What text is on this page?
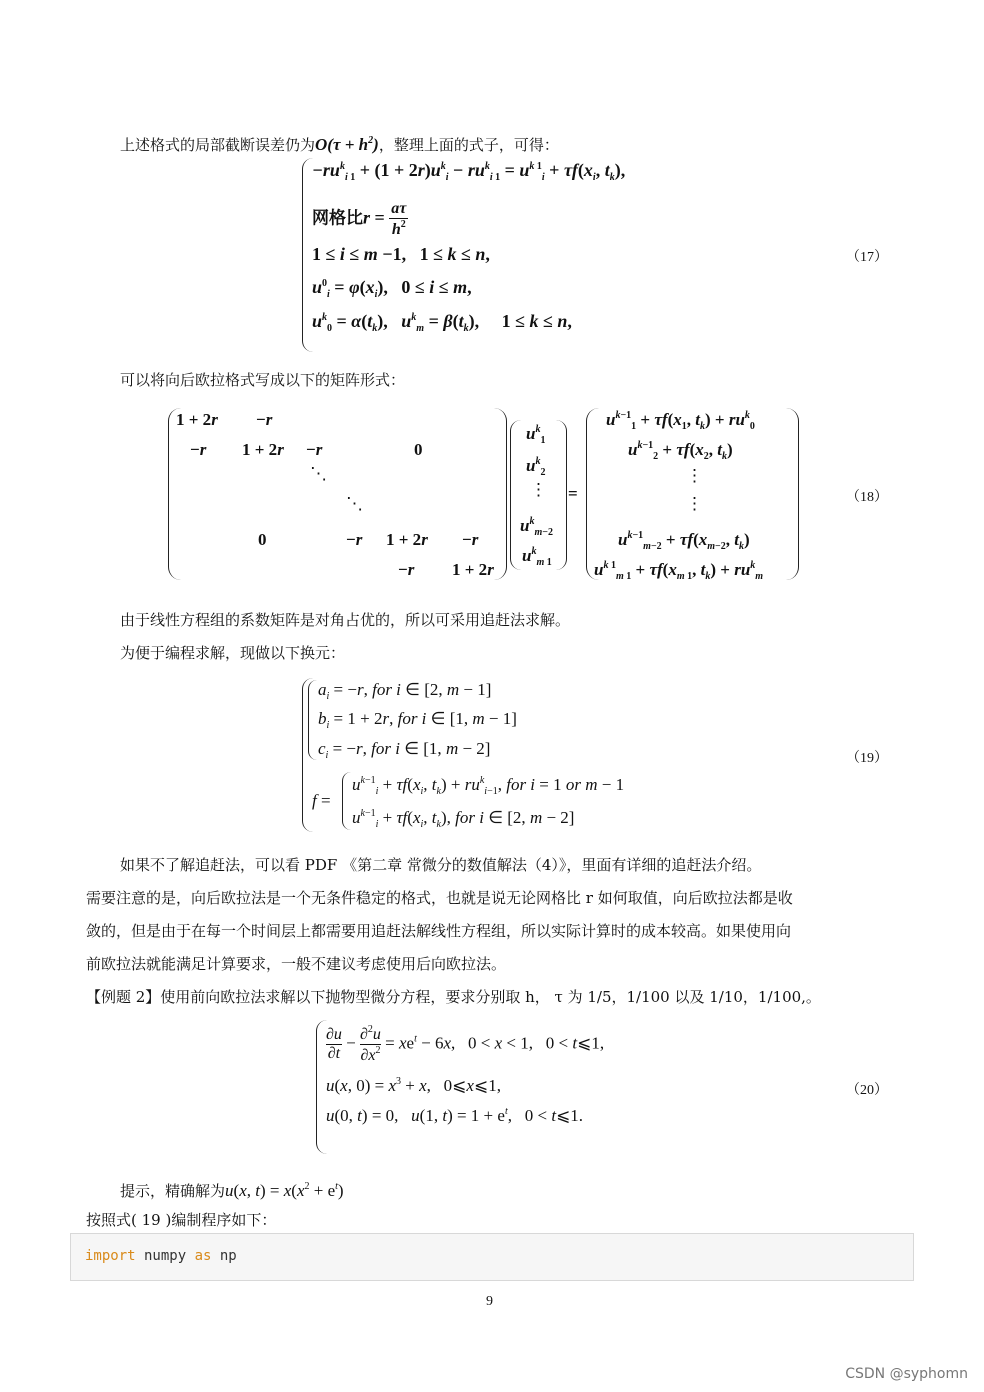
上述格式的局部截断误差仍为$O(\tau + h^2)$，整理上面的式子，可得：
$-ru^k_{i 1} + (1 + 2r)u^k_i - ru^k_{i 1} = u^{k 1}_i + \tau f(x_i$, $t_k$),
网格比$r = \frac{a\tau}{h^2}$
1 ≤ i ≤ m −1,   1 ≤ k ≤ n,
$u^0_i = \varphi(x_i)$,   0 ≤ i ≤ m,
$u^k_0 = \alpha(t_k)$,   $u^k_m = \beta(t_k)$,     1 ≤ k ≤ n,
（17）
可以将向后欧拉格式写成以下的矩阵形式：
1 + 2r −r
−r 1 + 2r −r	0
⋱
⋱
0	−r 1 + 2r −r
−r 1 + 2r
$u^k_1$
$u^k_2$
⋮
$u^k_{m-2}$
$u^k_{m 1}$
=
$u^{k-1}_1 + \tau f(x_1$, $t_k) + ru^k_0$
$u^{k-1}_2 + \tau f(x_2$, $t_k$)
⋮
⋮
$u^{k-1}_{m-2} + \tau f(x_{m-2}$, $t_k$)
$u^{k 1}_{m 1} + \tau f(x_{m 1}$, $t_k) + ru^k_m$
（18）
由于线性方程组的系数矩阵是对角占优的，所以可采用追赶法求解。
为便于编程求解，现做以下换元：
$a_i = -r$, for i ∈ [2, m − 1]
$b_i = 1 + 2r$, for i ∈ [1, m − 1]
$c_i = -r$, for i ∈ [1, m − 2]
f =
$u^{k-1}_i + \tau f(x_i$, $t_k) + ru^k_{i-1}$, for i = 1 or m − 1
$u^{k-1}_i + \tau f(x_i$, $t_k$), for i ∈ [2, m − 2]
（19）
如果不了解追赶法，可以看 PDF 《第二章 常微分的数值解法（4）》，里面有详细的追赶法介绍。
需要注意的是，向后欧拉法是一个无条件稳定的格式，也就是说无论网格比 r 如何取值，向后欧拉法都是收
敛的，但是由于在每一个时间层上都需要用追赶法解线性方程组，所以实际计算时的成本较高。如果使用向
前欧拉法就能满足计算要求，一般不建议考虑使用后向欧拉法。
【例题 2】使用前向欧拉法求解以下抛物型微分方程，要求分别取 h， τ 为 1/5，1/100 以及 1/10，1/100,。
$\frac{\partial u}{\partial t} - \frac{\partial^2u}{\partial x^2} = xe^t - 6x$,   0 < x < 1,   0 < t⩽1,
u(x, $0) = x^3 + x$,   0⩽x⩽1,
u(0, t) = 0,   u(1, $t) = 1 + e^t$,   0 < t⩽1.
（20）
提示，精确解为u(x, $t) = x(x^2 + e^t)$
按照式( 19 )编制程序如下：
import numpy as np
9
CSDN @syphomn
